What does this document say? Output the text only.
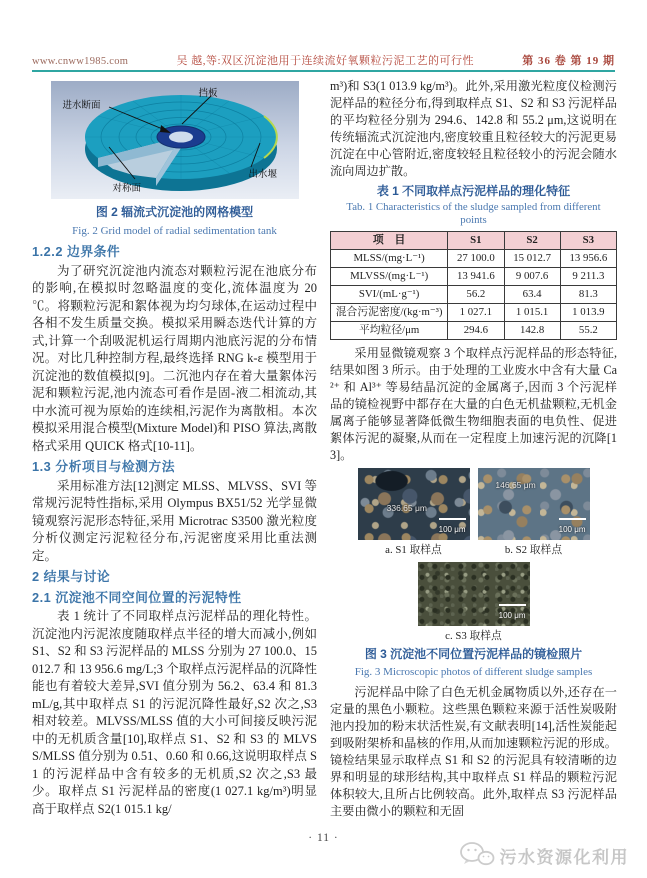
www.cnww1985.com	吴 越,等:双区沉淀池用于连续流好氧颗粒污泥工艺的可行性	第 36 卷 第 19 期
进水断面
挡板
对称面
出水堰
图 2 辐流式沉淀池的网格模型
Fig. 2 Grid model of radial sedimentation tank
1.2.2 边界条件

为了研究沉淀池内流态对颗粒污泥在池底分布的影响,在模拟时忽略温度的变化,流体温度为 20 ℃。将颗粒污泥和絮体视为均匀球体,在运动过程中各相不发生质量交换。模拟采用瞬态迭代计算的方式,计算一个刮吸泥机运行周期内池底污泥的分布情况。对比几种控制方程,最终选择 RNG k-ε 模型用于沉淀池的数值模拟[9]。二沉池内存在着大量絮体污泥和颗粒污泥,池内流态可看作是固-液二相流动,其中水流可视为原始的连续相,污泥作为离散相。本次模拟采用混合模型(Mixture Model)和 PISO 算法,离散格式采用 QUICK 格式[10-11]。

1.3 分析项目与检测方法

采用标准方法[12]测定 MLSS、MLVSS、SVI 等常规污泥特性指标,采用 Olympus BX51/52 光学显微镜观察污泥形态特征,采用 Microtrac S3500 激光粒度分析仪测定污泥粒径分布,污泥密度采用比重法测定。

2 结果与讨论
2.1 沉淀池不同空间位置的污泥特性

表 1 统计了不同取样点污泥样品的理化特性。沉淀池内污泥浓度随取样点半径的增大而减小,例如 S1、S2 和 S3 污泥样品的 MLSS 分别为 27 100.0、15 012.7 和 13 956.6 mg/L;3 个取样点污泥样品的沉降性能也有着较大差异,SVI 值分别为 56.2、63.4 和 81.3 mL/g,其中取样点 S1 的污泥沉降性最好,S2 次之,S3 相对较差。MLVSS/MLSS 值的大小可间接反映污泥中的无机质含量[10],取样点 S1、S2 和 S3 的 MLVSS/MLSS 值分别为 0.51、0.60 和 0.66,这说明取样点 S1 的污泥样品中含有较多的无机质,S2 次之,S3 最少。取样点 S1 污泥样品的密度(1 027.1 kg/m³)明显高于取样点 S2(1 015.1 kg/

m³)和 S3(1 013.9 kg/m³)。此外,采用激光粒度仪检测污泥样品的粒径分布,得到取样点 S1、S2 和 S3 污泥样品的平均粒径分别为 294.6、142.8 和 55.2 μm,这说明在传统辐流式沉淀池内,密度较重且粒径较大的污泥更易沉淀在中心管附近,密度较轻且粒径较小的污泥会随水流向周边扩散。

表 1 不同取样点污泥样品的理化特征
Tab. 1 Characteristics of the sludge sampled from different
points
项　目	S1	S2	S3
MLSS/(mg·L⁻¹)	27 100.0	15 012.7	13 956.6
MLVSS/(mg·L⁻¹)	13 941.6	9 007.6	9 211.3
SVI/(mL·g⁻¹)	56.2	63.4	81.3
混合污泥密度/(kg·m⁻³)	1 027.1	1 015.1	1 013.9
平均粒径/μm	294.6	142.8	55.2

采用显微镜观察 3 个取样点污泥样品的形态特征,结果如图 3 所示。由于处理的工业废水中含有大量 Ca²⁺ 和 Al³⁺ 等易结晶沉淀的金属离子,因而 3 个污泥样品的镜检视野中都存在大量的白色无机盐颗粒,无机金属离子能够显著降低微生物细胞表面的电负性、促进絮体污泥的凝聚,从而在一定程度上加速污泥的沉降[13]。

336.65 μm
100 μm
a. S1 取样点
146.65 μm
100 μm
b. S2 取样点
100 μm
c. S3 取样点
图 3 沉淀池不同位置污泥样品的镜检照片
Fig. 3 Microscopic photos of different sludge samples

污泥样品中除了白色无机金属物质以外,还存在一定量的黑色小颗粒。这些黑色颗粒来源于活性炭吸附池内投加的粉末状活性炭,有文献表明[14],活性炭能起到吸附架桥和晶核的作用,从而加速颗粒污泥的形成。镜检结果显示取样点 S1 和 S2 的污泥具有较清晰的边界和明显的球形结构,其中取样点 S1 样品的颗粒污泥体积较大,且所占比例较高。此外,取样点 S3 污泥样品主要由微小的颗粒和无固

· 11 ·
污水资源化利用
